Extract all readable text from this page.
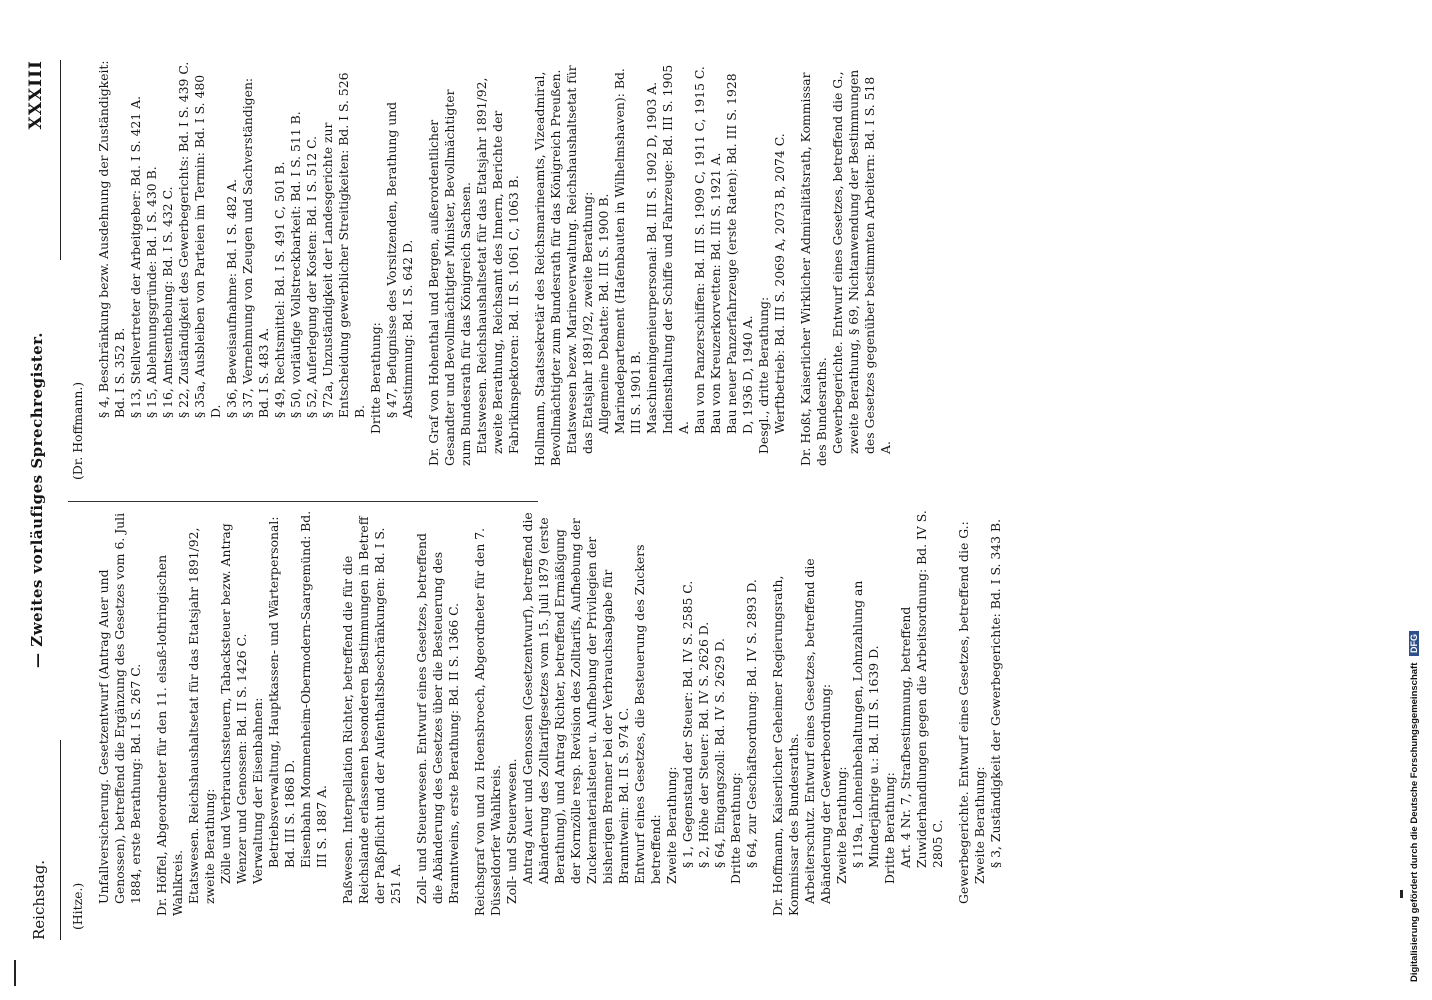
Reichstag.
— Zweites vorläufiges Sprechregister.
XXXIII

(Hitze.)

Unfallversicherung. Gesetzentwurf (Antrag Auer und Genossen), betreffend die Ergänzung des Gesetzes vom 6. Juli 1884, erste Berathung: Bd. I S. 267 C. Dr. Höffel, Abgeordneter für den 11. elsaß-lothringischen Wahlkreis. Etatswesen. Reichshaushaltsetat für das Etatsjahr 1891/92, zweite Berathung: Zölle und Verbrauchssteuern, Tabacksteuer bezw. Antrag Wenzer und Genossen: Bd. II S. 1426 C. Verwaltung der Eisenbahnen: Betriebsverwaltung, Hauptkassen- und Wärterpersonal: Bd. III S. 1868 D. Eisenbahn Mommenheim-Obermodern-Saargemünd: Bd. III S. 1887 A. Paßwesen. Interpellation Richter, betreffend die für die Reichslande erlassenen besonderen Bestimmungen in Betreff der Paßpflicht und der Aufenthaltsbeschränkungen: Bd. I S. 251 A. Zoll- und Steuerwesen. Entwurf eines Gesetzes, betreffend die Abänderung des Gesetzes über die Besteuerung des Branntweins, erste Berathung: Bd. II S. 1366 C. Reichsgraf von und zu Hoensbroech, Abgeordneter für den 7. Düsseldorfer Wahlkreis. Zoll- und Steuerwesen. Antrag Auer und Genossen (Gesetzentwurf), betreffend die Abänderung des Zolltarifgesetzes vom 15. Juli 1879 (erste Berathung), und Antrag Richter, betreffend Ermäßigung der Kornzölle resp. Revision des Zolltarifs, Aufhebung der Zuckermaterialsteuer u. Aufhebung der Privilegien der bisherigen Brenner bei der Verbrauchsabgabe für Branntwein: Bd. II S. 974 C. Entwurf eines Gesetzes, die Besteuerung des Zuckers betreffend: Zweite Berathung: § 1, Gegenstand der Steuer: Bd. IV S. 2585 C. § 2, Höhe der Steuer: Bd. IV S. 2626 D. § 64, Eingangszoll: Bd. IV S. 2629 D. Dritte Berathung: § 64, zur Geschäftsordnung: Bd. IV S. 2893 D. Dr. Hoffmann, Kaiserlicher Geheimer Regierungsrath, Kommissar des Bundesraths. Arbeiterschutz. Entwurf eines Gesetzes, betreffend die Abänderung der Gewerbeordnung: Zweite Berathung: § 119a, Lohneinbehaltungen, Lohnzahlung an Minderjährige u.: Bd. III S. 1639 D. Dritte Berathung: Art. 4 Nr. 7, Strafbestimmung, betreffend Zuwiderhandlungen gegen die Arbeitsordnung: Bd. IV S. 2805 C. Gewerbegerichte. Entwurf eines Gesetzes, betreffend die G.: Zweite Berathung: § 3, Zuständigkeit der Gewerbegerichte: Bd. I S. 343 B.

(Dr. Hoffmann.)

§ 4, Beschränkung bezw. Ausdehnung der Zuständigkeit: Bd. I S. 352 B. § 13, Stellvertreter der Arbeitgeber: Bd. I S. 421 A. § 15, Ablehnungsgründe: Bd. I S. 430 B. § 16, Amtsenthebung: Bd. I S. 432 C. § 22, Zuständigkeit des Gewerbegerichts: Bd. I S. 439 C. § 35a, Ausbleiben von Parteien im Termin: Bd. I S. 480 D. § 36, Beweisaufnahme: Bd. I S. 482 A. § 37, Vernehmung von Zeugen und Sachverständigen: Bd. I S. 483 A. § 49, Rechtsmittel: Bd. I S. 491 C, 501 B. § 50, vorläufige Vollstreckbarkeit: Bd. I S. 511 B. § 52, Auferlegung der Kosten: Bd. I S. 512 C. § 72a, Unzuständigkeit der Landesgerichte zur Entscheidung gewerblicher Streitigkeiten: Bd. I S. 526 B. Dritte Berathung: § 47, Befugnisse des Vorsitzenden, Berathung und Abstimmung: Bd. I S. 642 D. Dr. Graf von Hohenthal und Bergen, außerordentlicher Gesandter und Bevollmächtigter Minister, Bevollmächtigter zum Bundesrath für das Königreich Sachsen. Etatswesen. Reichshaushaltsetat für das Etatsjahr 1891/92, zweite Berathung, Reichsamt des Innern, Berichte der Fabrikinspektoren: Bd. II S. 1061 C, 1063 B. Hollmann, Staatssekretär des Reichsmarineamts, Vizeadmiral, Bevollmächtigter zum Bundesrath für das Königreich Preußen. Etatswesen bezw. Marineverwaltung. Reichshaushaltsetat für das Etatsjahr 1891/92, zweite Berathung: Allgemeine Debatte: Bd. III S. 1900 B. Marinedepartement (Hafenbauten in Wilhelmshaven): Bd. III S. 1901 B. Maschineningenieurpersonal: Bd. III S. 1902 D, 1903 A. Indiensthaltung der Schiffe und Fahrzeuge: Bd. III S. 1905 A. Bau von Panzerschiffen: Bd. III S. 1909 C, 1911 C, 1915 C. Bau von Kreuzerkorvetten: Bd. III S. 1921 A. Bau neuer Panzerfahrzeuge (erste Raten): Bd. III S. 1928 D, 1936 D, 1940 A. Desgl., dritte Berathung: Werftbetrieb: Bd. III S. 2069 A, 2073 B, 2074 C. Dr. Hoßt, Kaiserlicher Wirklicher Admiralitätsrath, Kommissar des Bundesraths. Gewerbegerichte. Entwurf eines Gesetzes, betreffend die G., zweite Berathung, § 69, Nichtanwendung der Bestimmungen des Gesetzes gegenüber bestimmten Arbeitern: Bd. I S. 518 A.

Digitalisierung gefördert durch die Deutsche Forschungsgemeinschaft DFG
